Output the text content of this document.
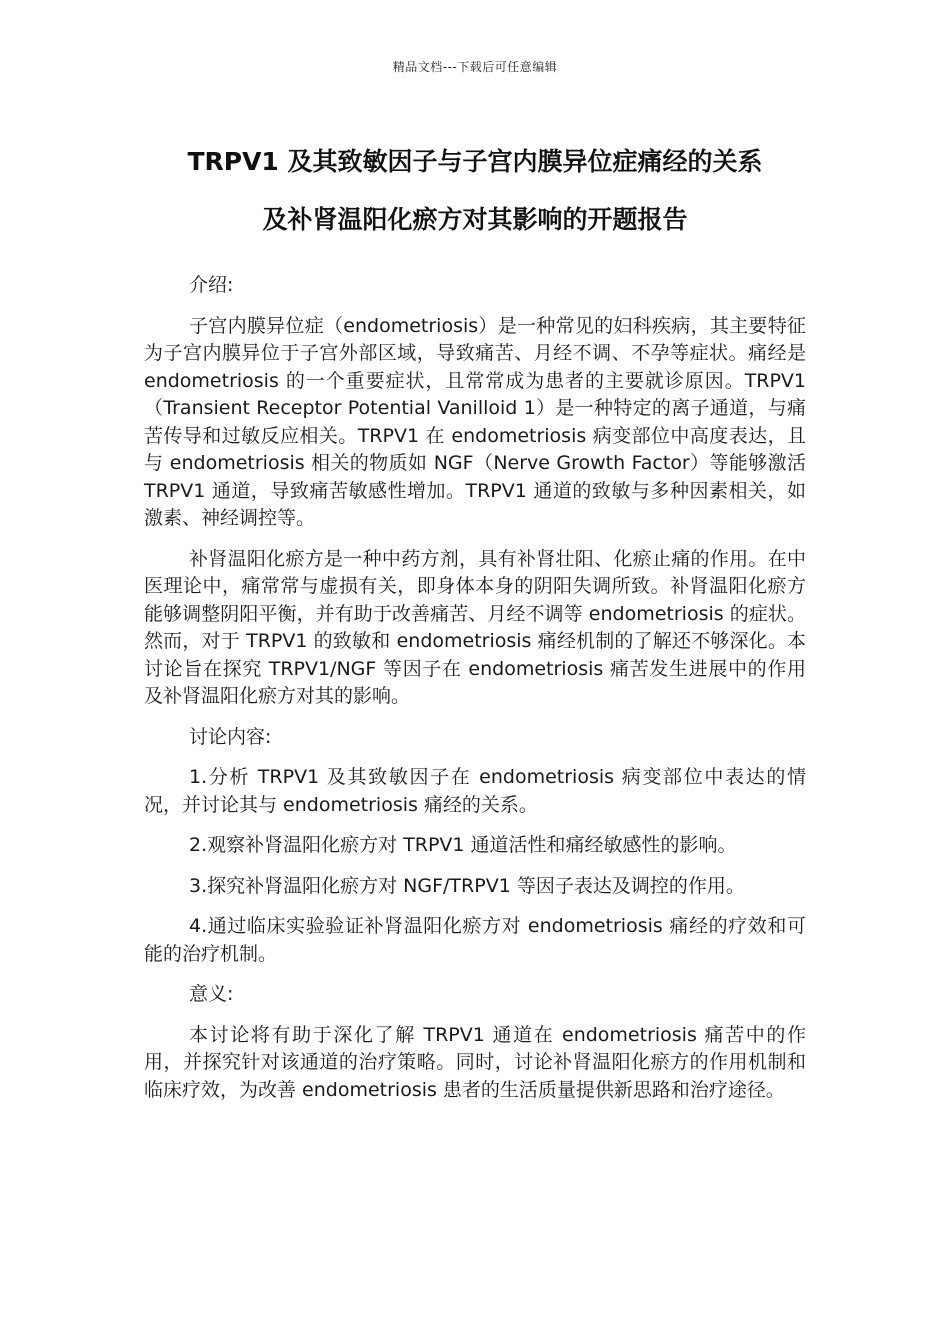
精品文档---下载后可任意编辑
TRPV1 及其致敏因子与子宫内膜异位症痛经的关系
及补肾温阳化瘀方对其影响的开题报告

介绍:

子宫内膜异位症（endometriosis）是一种常见的妇科疾病，其主要特征为子宫内膜异位于子宫外部区域，导致痛苦、月经不调、不孕等症状。痛经是 endometriosis 的一个重要症状，且常常成为患者的主要就诊原因。TRPV1（Transient Receptor Potential Vanilloid 1）是一种特定的离子通道，与痛苦传导和过敏反应相关。TRPV1 在 endometriosis 病变部位中高度表达，且与 endometriosis 相关的物质如 NGF（Nerve Growth Factor）等能够激活 TRPV1 通道，导致痛苦敏感性增加。TRPV1 通道的致敏与多种因素相关，如激素、神经调控等。

补肾温阳化瘀方是一种中药方剂，具有补肾壮阳、化瘀止痛的作用。在中医理论中，痛常常与虚损有关，即身体本身的阴阳失调所致。补肾温阳化瘀方能够调整阴阳平衡，并有助于改善痛苦、月经不调等 endometriosis 的症状。然而，对于 TRPV1 的致敏和 endometriosis 痛经机制的了解还不够深化。本讨论旨在探究 TRPV1/NGF 等因子在 endometriosis 痛苦发生进展中的作用及补肾温阳化瘀方对其的影响。

讨论内容:

1.分析 TRPV1 及其致敏因子在 endometriosis 病变部位中表达的情况，并讨论其与 endometriosis 痛经的关系。

2.观察补肾温阳化瘀方对 TRPV1 通道活性和痛经敏感性的影响。

3.探究补肾温阳化瘀方对 NGF/TRPV1 等因子表达及调控的作用。

4.通过临床实验验证补肾温阳化瘀方对 endometriosis 痛经的疗效和可能的治疗机制。

意义:

本讨论将有助于深化了解 TRPV1 通道在 endometriosis 痛苦中的作用，并探究针对该通道的治疗策略。同时，讨论补肾温阳化瘀方的作用机制和临床疗效，为改善 endometriosis 患者的生活质量提供新思路和治疗途径。
